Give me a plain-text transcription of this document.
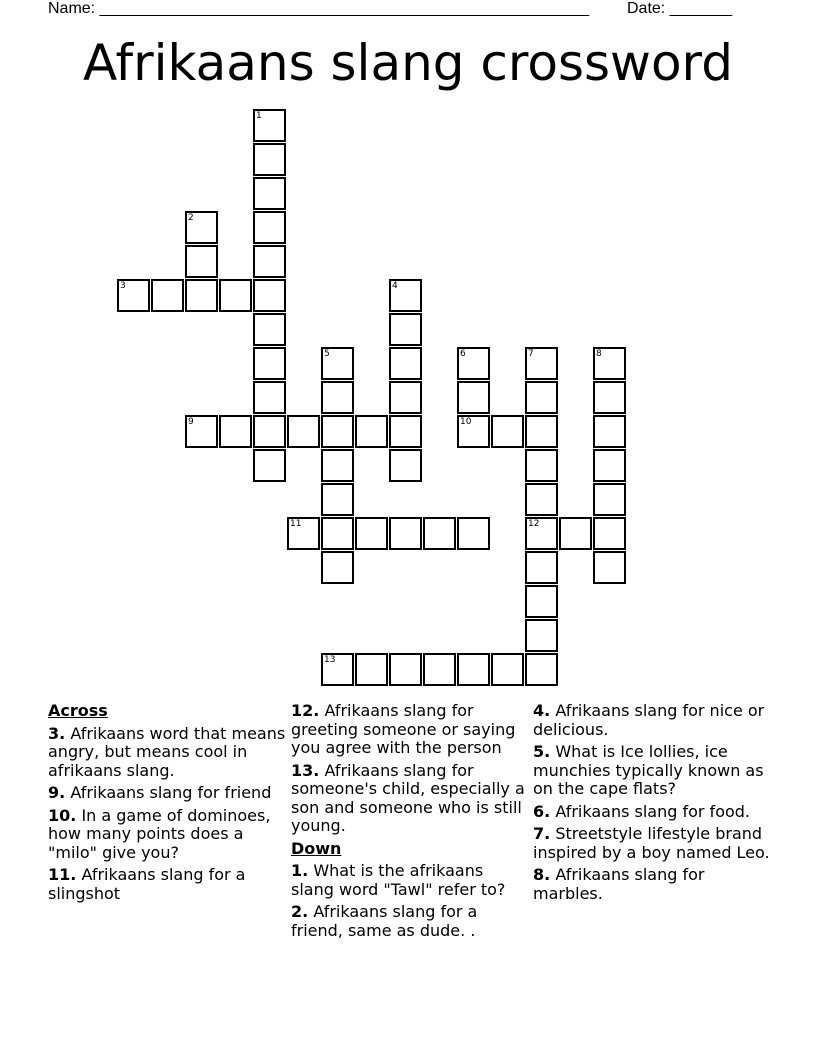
Name: _______________________________________________________ Date: _______
Afrikaans slang crossword
1
2
3	4
5	6
10
7
12
8
9
11
13
Across
3. Afrikaans word that means angry, but means cool in afrikaans slang.
9. Afrikaans slang for friend
10. In a game of dominoes, how many points does a "milo" give you?
11. Afrikaans slang for a slingshot
12. Afrikaans slang for greeting someone or saying you agree with the person
13. Afrikaans slang for someone's child, especially a son and someone who is still young.
Down
1. What is the afrikaans slang word "Tawl" refer to?
2. Afrikaans slang for a friend, same as dude. .
4. Afrikaans slang for nice or delicious.
5. What is Ice lollies, ice munchies typically known as on the cape flats?
6. Afrikaans slang for food.
7. Streetstyle lifestyle brand inspired by a boy named Leo.
8. Afrikaans slang for marbles.
